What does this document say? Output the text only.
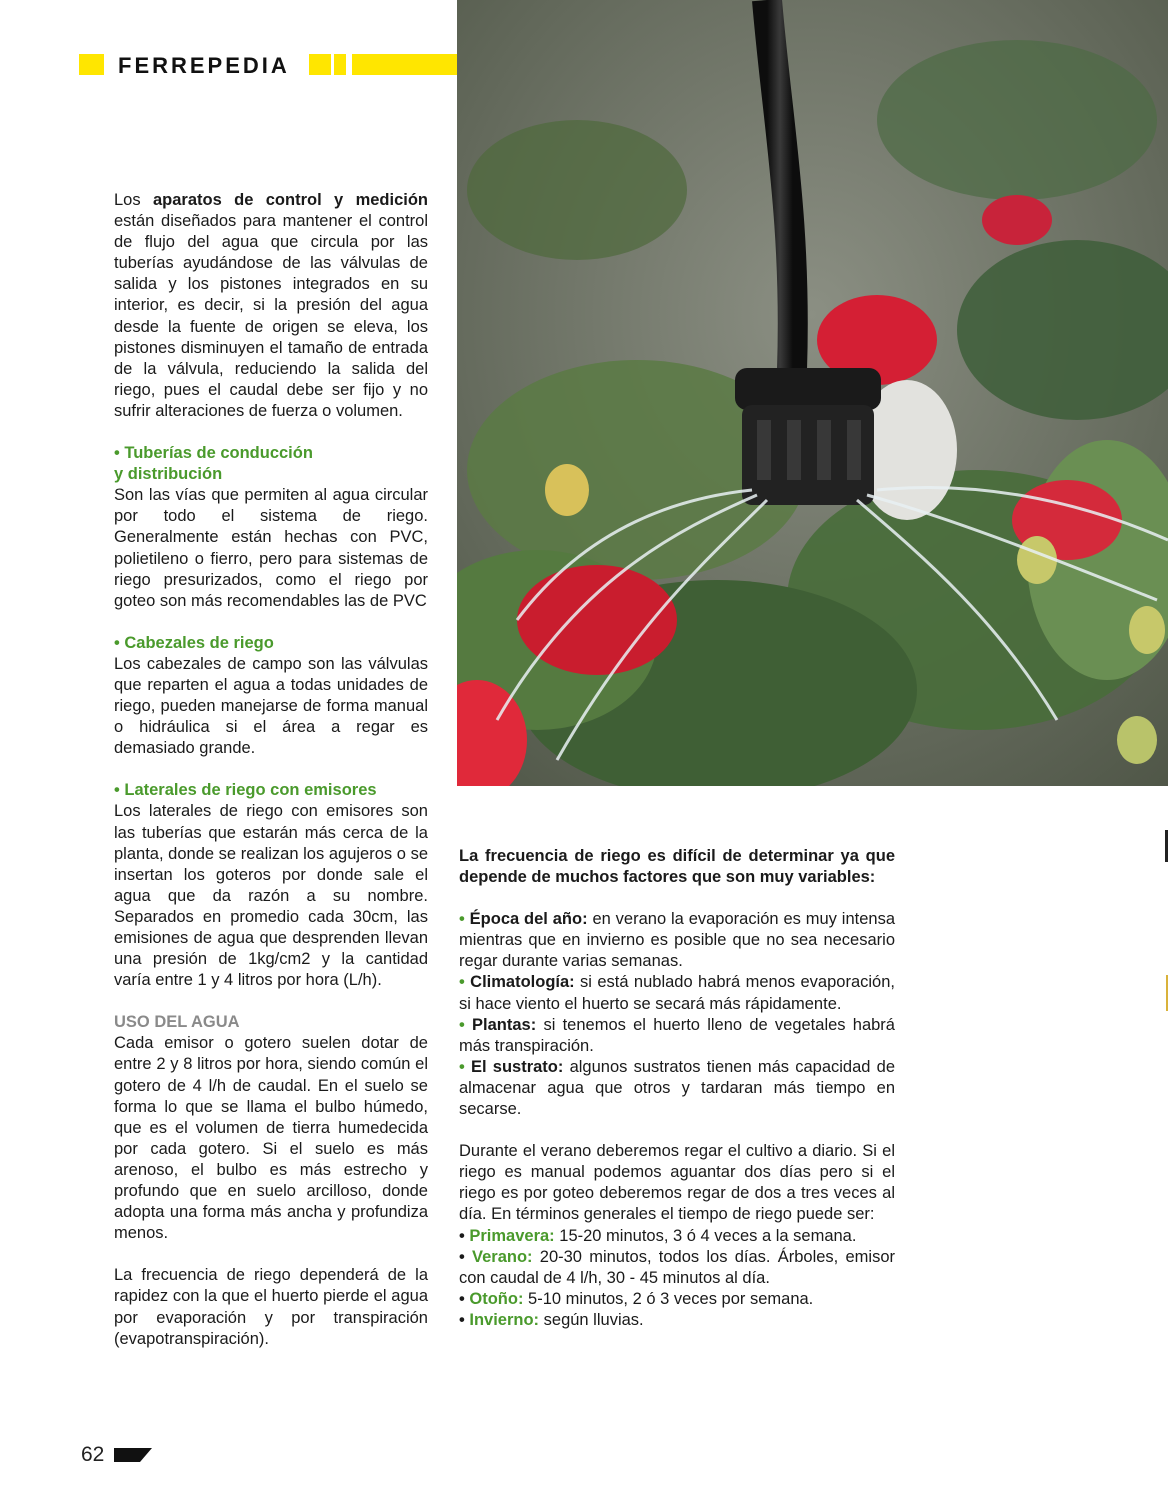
FERREPEDIA

Los aparatos de control y medición están diseñados para mantener el control de flujo del agua que circula por las tuberías ayudándose de las válvulas de salida y los pistones integrados en su interior, es decir, si la presión del agua desde la fuente de origen se eleva, los pistones disminuyen el tamaño de entrada de la válvula, reduciendo la salida del riego, pues el caudal debe ser fijo y no sufrir alteraciones de fuerza o volumen.

• Tuberías de conducción
y distribución

Son las vías que permiten al agua circular por todo el sistema de riego. Generalmente están hechas con PVC, polietileno o fierro, pero para sistemas de riego presurizados, como el riego por goteo son más recomendables las de PVC

• Cabezales de riego

Los cabezales de campo son las válvulas que reparten el agua a todas unidades de riego, pueden manejarse de forma manual o hidráulica si el área a regar es demasiado grande.

• Laterales de riego con emisores

Los laterales de riego con emisores son las tuberías que estarán más cerca de la planta, donde se realizan los agujeros o se insertan los goteros por donde sale el agua que da razón a su nombre. Separados en promedio cada 30cm, las emisiones de agua que desprenden llevan una presión de 1kg/cm2 y la cantidad varía entre 1 y 4 litros por hora (L/h).

USO DEL AGUA

Cada emisor o gotero suelen dotar de entre 2 y 8 litros por hora, siendo común el gotero de 4 l/h de caudal. En el suelo se forma lo que se llama el bulbo húmedo, que es el volumen de tierra humedecida por cada gotero. Si el suelo es más arenoso, el bulbo es más estrecho y profundo que en suelo arcilloso, donde adopta una forma más ancha y profundiza menos.

La frecuencia de riego dependerá de la rapidez con la que el huerto pierde el agua por evaporación y por transpiración (evapotranspiración).

La frecuencia de riego es difícil de determinar ya que depende de muchos factores que son muy variables:

• Época del año: en verano la evaporación es muy intensa mientras que en invierno es posible que no sea necesario regar durante varias semanas.

• Climatología: si está nublado habrá menos evaporación, si hace viento el huerto se secará más rápidamente.

• Plantas: si tenemos el huerto lleno de vegetales habrá más transpiración.

• El sustrato: algunos sustratos tienen más capacidad de almacenar agua que otros y tardaran más tiempo en secarse.

Durante el verano deberemos regar el cultivo a diario. Si el riego es manual podemos aguantar dos días pero si el riego es por goteo deberemos regar de dos a tres veces al día. En términos generales el tiempo de riego puede ser:

• Primavera: 15-20 minutos, 3 ó 4 veces a la semana.

• Verano: 20-30 minutos, todos los días. Árboles, emisor con caudal de 4 l/h, 30 - 45 minutos al día.

• Otoño: 5-10 minutos, 2 ó 3 veces por semana.

• Invierno: según lluvias.

62
